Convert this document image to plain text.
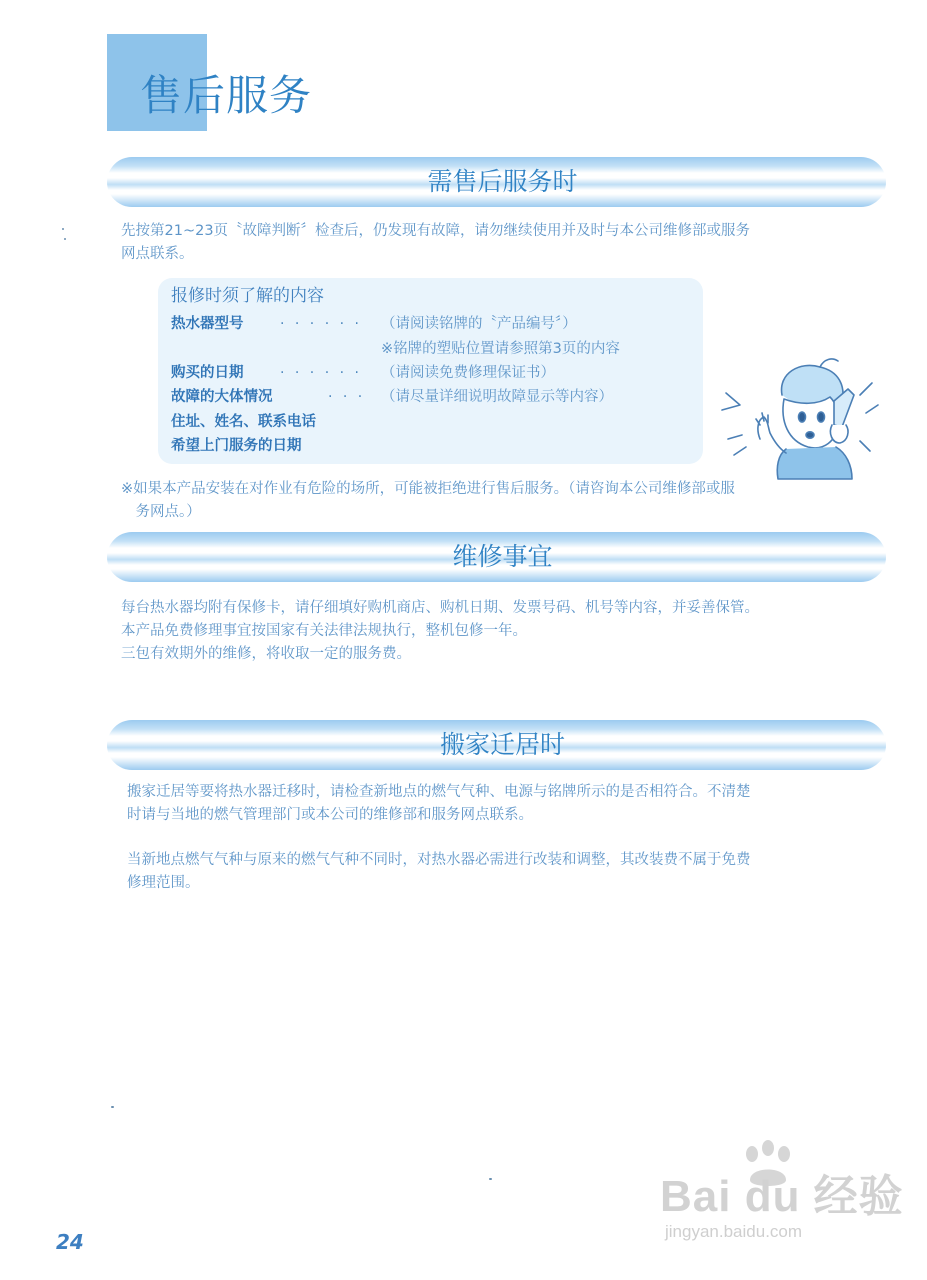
售后服务
需售后服务时
先按第21~23页〝故障判断〞检查后，仍发现有故障，请勿继续使用并及时与本公司维修部或服务
网点联系。
报修时须了解的内容
热水器型号	· · · · · · （请阅读铭牌的〝产品编号〞）
※铭牌的塑贴位置请参照第3页的内容
购买的日期	· · · · · · （请阅读免费修理保证书）
故障的大体情况	· · · （请尽量详细说明故障显示等内容）
住址、姓名、联系电话
希望上门服务的日期
※如果本产品安装在对作业有危险的场所，可能被拒绝进行售后服务。（请咨询本公司维修部或服
　务网点。）
维修事宜
每台热水器均附有保修卡，请仔细填好购机商店、购机日期、发票号码、机号等内容，并妥善保管。
本产品免费修理事宜按国家有关法律法规执行，整机包修一年。
三包有效期外的维修，将收取一定的服务费。
搬家迁居时
搬家迁居等要将热水器迁移时，请检查新地点的燃气气种、电源与铭牌所示的是否相符合。不清楚
时请与当地的燃气管理部门或本公司的维修部和服务网点联系。
当新地点燃气气种与原来的燃气气种不同时，对热水器必需进行改装和调整，其改装费不属于免费
修理范围。
24
Bai du 经验
jingyan.baidu.com
